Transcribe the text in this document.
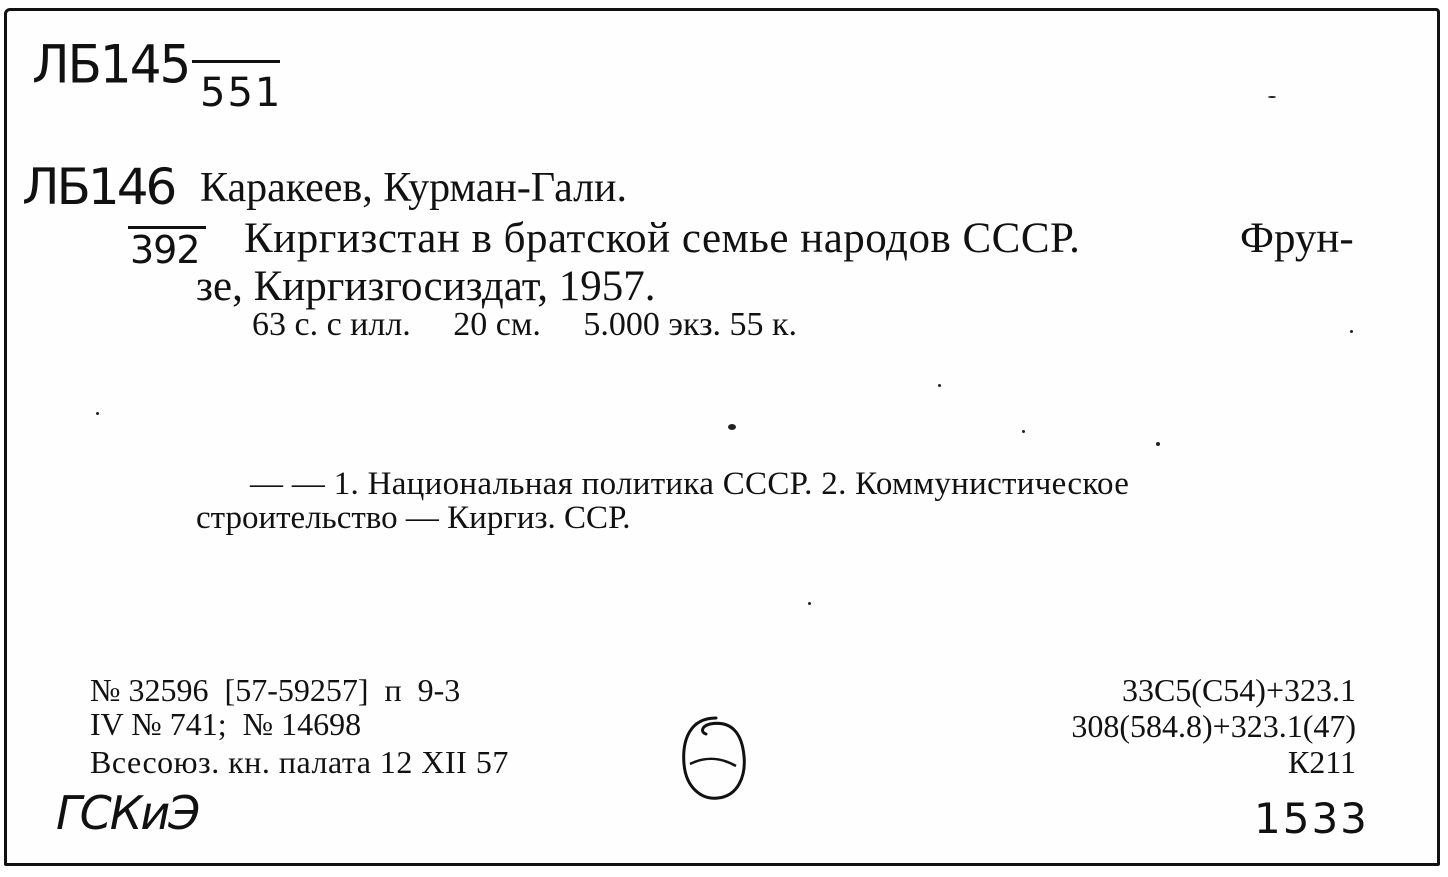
ЛБ145 551
ЛБ146
392
Каракеев, Курман-Гали.
Киргизстан в братской семье народов СССР.	Фрун-
зе, Киргизгосиздат, 1957.
63 с. с илл.     20 см.     5.000 экз. 55 к.
— — 1. Национальная политика СССР. 2. Коммунистическое
строительство — Киргиз. ССР.
№ 32596  [57-59257]  п  9-3
IV № 741;  № 14698
Всесоюз. кн. палата 12 XII 57
33С5(С54)+323.1
308(584.8)+323.1(47)
К211
ГСКиЭ	1533
